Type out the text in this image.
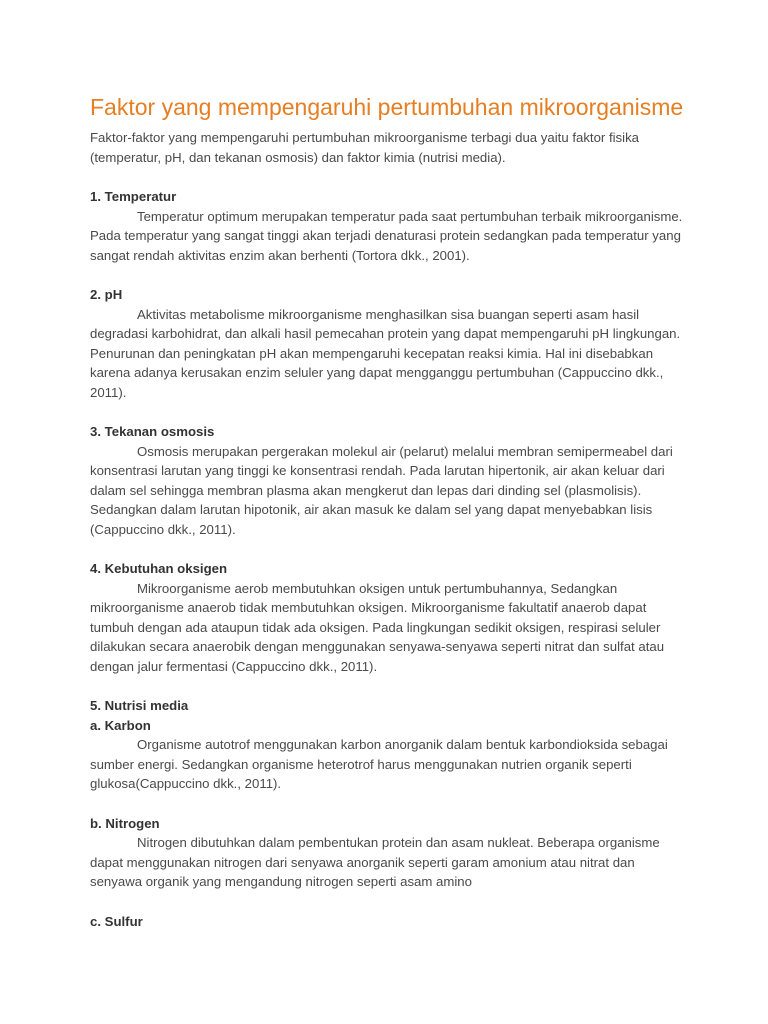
Faktor yang mempengaruhi pertumbuhan mikroorganisme

Faktor-faktor yang mempengaruhi pertumbuhan mikroorganisme terbagi dua yaitu faktor fisika (temperatur, pH, dan tekanan osmosis) dan faktor kimia (nutrisi media).

1. Temperatur

Temperatur optimum merupakan temperatur pada saat pertumbuhan terbaik mikroorganisme. Pada temperatur yang sangat tinggi akan terjadi denaturasi protein sedangkan pada temperatur yang sangat rendah aktivitas enzim akan berhenti (Tortora dkk., 2001).

2. pH

Aktivitas metabolisme mikroorganisme menghasilkan sisa buangan seperti asam hasil degradasi karbohidrat, dan alkali hasil pemecahan protein yang dapat mempengaruhi pH lingkungan. Penurunan dan peningkatan pH akan mempengaruhi kecepatan reaksi kimia. Hal ini disebabkan karena adanya kerusakan enzim seluler yang dapat mengganggu pertumbuhan (Cappuccino dkk., 2011).

3. Tekanan osmosis

Osmosis merupakan pergerakan molekul air (pelarut) melalui membran semipermeabel dari konsentrasi larutan yang tinggi ke konsentrasi rendah. Pada larutan hipertonik, air akan keluar dari dalam sel sehingga membran plasma akan mengkerut dan lepas dari dinding sel (plasmolisis). Sedangkan dalam larutan hipotonik, air akan masuk ke dalam sel yang dapat menyebabkan lisis (Cappuccino dkk., 2011).

4. Kebutuhan oksigen

Mikroorganisme aerob membutuhkan oksigen untuk pertumbuhannya, Sedangkan mikroorganisme anaerob tidak membutuhkan oksigen. Mikroorganisme fakultatif anaerob dapat tumbuh dengan ada ataupun tidak ada oksigen. Pada lingkungan sedikit oksigen, respirasi seluler dilakukan secara anaerobik dengan menggunakan senyawa-senyawa seperti nitrat dan sulfat atau dengan jalur fermentasi (Cappuccino dkk., 2011).

5. Nutrisi media

a. Karbon

Organisme autotrof menggunakan karbon anorganik dalam bentuk karbondioksida sebagai sumber energi. Sedangkan organisme heterotrof harus menggunakan nutrien organik seperti glukosa(Cappuccino dkk., 2011).

b. Nitrogen

Nitrogen dibutuhkan dalam pembentukan protein dan asam nukleat. Beberapa organisme dapat menggunakan nitrogen dari senyawa anorganik seperti garam amonium atau nitrat dan senyawa organik yang mengandung nitrogen seperti asam amino

c. Sulfur
